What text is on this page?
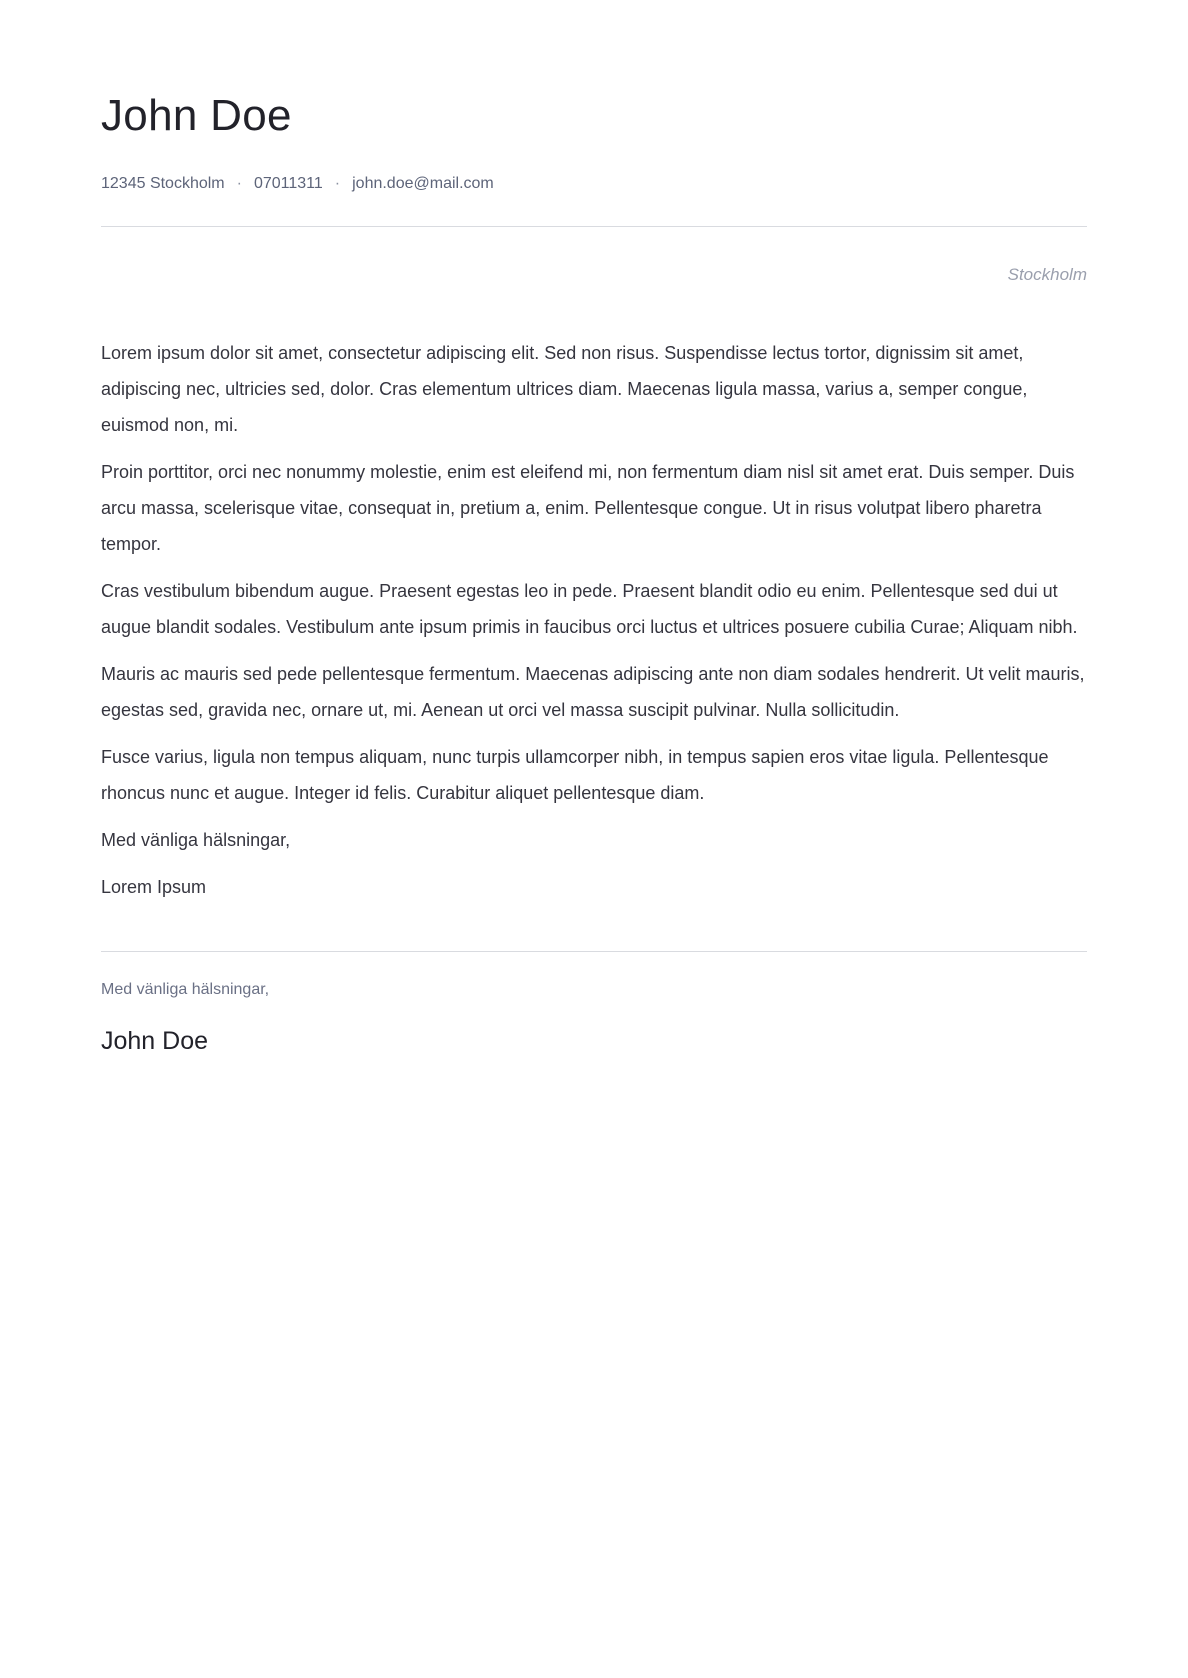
John Doe
12345 Stockholm · 07011311 · john.doe@mail.com
Stockholm

Lorem ipsum dolor sit amet, consectetur adipiscing elit. Sed non risus. Suspendisse lectus tortor, dignissim sit amet, adipiscing nec, ultricies sed, dolor. Cras elementum ultrices diam. Maecenas ligula massa, varius a, semper congue, euismod non, mi.

Proin porttitor, orci nec nonummy molestie, enim est eleifend mi, non fermentum diam nisl sit amet erat. Duis semper. Duis arcu massa, scelerisque vitae, consequat in, pretium a, enim. Pellentesque congue. Ut in risus volutpat libero pharetra tempor.

Cras vestibulum bibendum augue. Praesent egestas leo in pede. Praesent blandit odio eu enim. Pellentesque sed dui ut augue blandit sodales. Vestibulum ante ipsum primis in faucibus orci luctus et ultrices posuere cubilia Curae; Aliquam nibh.

Mauris ac mauris sed pede pellentesque fermentum. Maecenas adipiscing ante non diam sodales hendrerit. Ut velit mauris, egestas sed, gravida nec, ornare ut, mi. Aenean ut orci vel massa suscipit pulvinar. Nulla sollicitudin.

Fusce varius, ligula non tempus aliquam, nunc turpis ullamcorper nibh, in tempus sapien eros vitae ligula. Pellentesque rhoncus nunc et augue. Integer id felis. Curabitur aliquet pellentesque diam.

Med vänliga hälsningar,

Lorem Ipsum

Med vänliga hälsningar,
John Doe
